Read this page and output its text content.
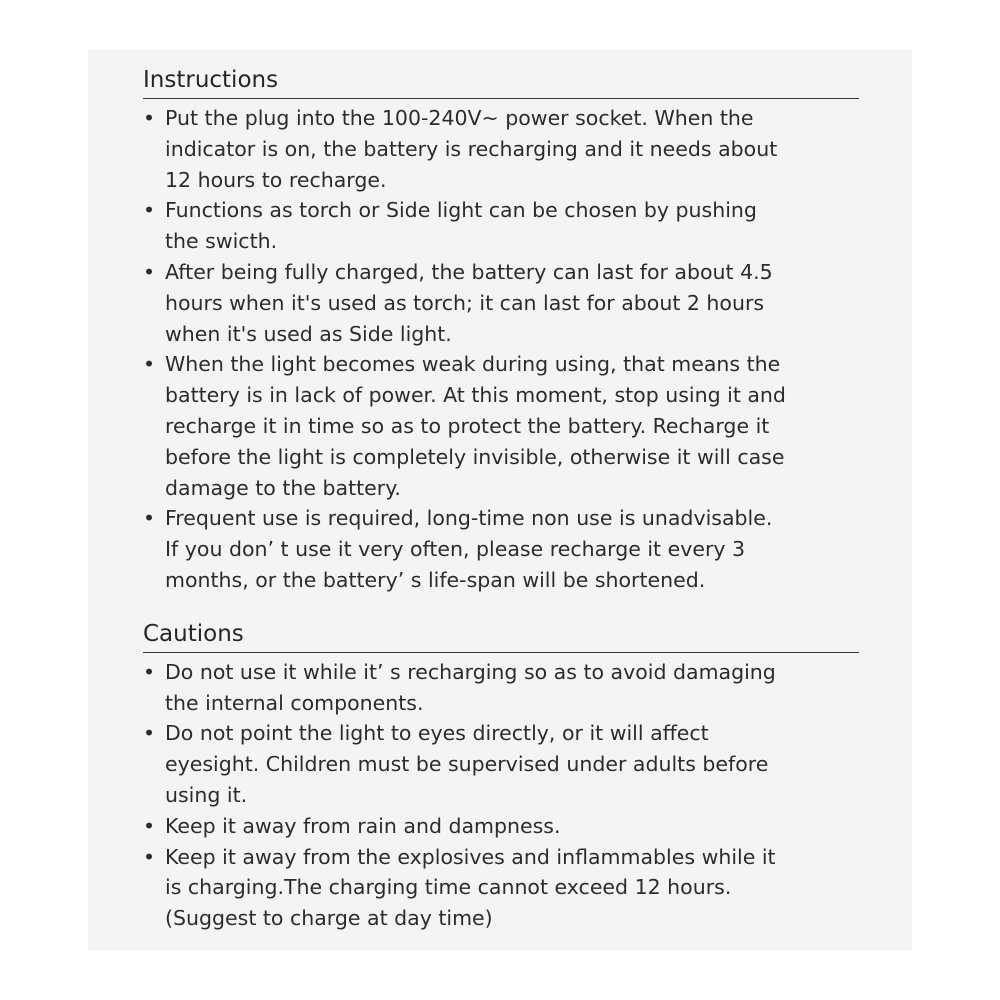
Instructions
• Put the plug into the 100-240V~ power socket. When the
indicator is on, the battery is recharging and it needs about
12 hours to recharge.
• Functions as torch or Side light can be chosen by pushing
the swicth.
• After being fully charged, the battery can last for about 4.5
hours when it's used as torch; it can last for about 2 hours
when it's used as Side light.
• When the light becomes weak during using, that means the
battery is in lack of power. At this moment, stop using it and
recharge it in time so as to protect the battery. Recharge it
before the light is completely invisible, otherwise it will case
damage to the battery.
• Frequent use is required, long-time non use is unadvisable.
If you don’ t use it very often, please recharge it every 3
months, or the battery’ s life-span will be shortened.
Cautions
• Do not use it while it’ s recharging so as to avoid damaging
the internal components.
• Do not point the light to eyes directly, or it will affect
eyesight. Children must be supervised under adults before
using it.
• Keep it away from rain and dampness.
• Keep it away from the explosives and inflammables while it
is charging.The charging time cannot exceed 12 hours.
(Suggest to charge at day time)
